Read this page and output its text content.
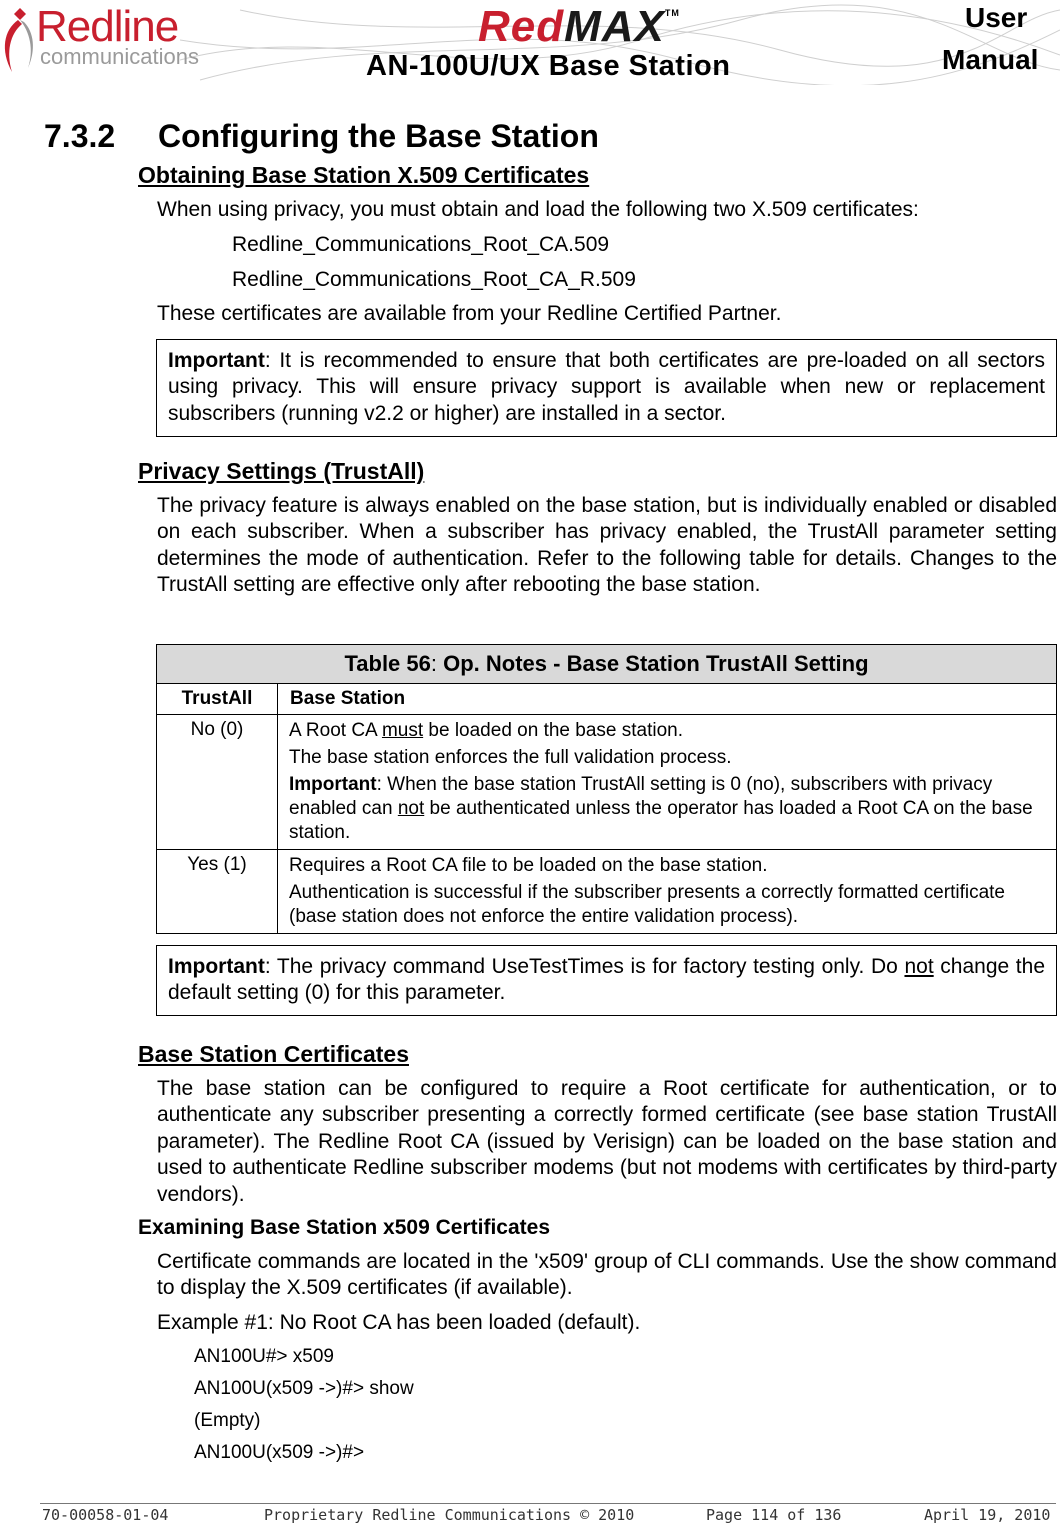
Redline
communications
RedMAX™
AN-100U/UX Base Station
User
Manual
7.3.2 Configuring the Base Station
Obtaining Base Station X.509 Certificates
When using privacy, you must obtain and load the following two X.509 certificates:
Redline_Communications_Root_CA.509
Redline_Communications_Root_CA_R.509
These certificates are available from your Redline Certified Partner.
Important: It is recommended to ensure that both certificates are pre-loaded on all sectors using privacy. This will ensure privacy support is available when new or replacement subscribers (running v2.2 or higher) are installed in a sector.
Privacy Settings (TrustAll)
The privacy feature is always enabled on the base station, but is individually enabled or disabled on each subscriber. When a subscriber has privacy enabled, the TrustAll parameter setting determines the mode of authentication. Refer to the following table for details. Changes to the TrustAll setting are effective only after rebooting the base station.
Table 56: Op. Notes - Base Station TrustAll Setting	
TrustAll	Base Station
No (0)	A Root CA must be loaded on the base station.
The base station enforces the full validation process.
Important: When the base station TrustAll setting is 0 (no), subscribers with privacy enabled can not be authenticated unless the operator has loaded a Root CA on the base station.

Yes (1)	Requires a Root CA file to be loaded on the base station.
Authentication is successful if the subscriber presents a correctly formatted certificate (base station does not enforce the entire validation process).
Important: The privacy command UseTestTimes is for factory testing only. Do not change the default setting (0) for this parameter.
Base Station Certificates
The base station can be configured to require a Root certificate for authentication, or to authenticate any subscriber presenting a correctly formed certificate (see base station TrustAll parameter). The Redline Root CA (issued by Verisign) can be loaded on the base station and used to authenticate Redline subscriber modems (but not modems with certificates by third-party vendors).
Examining Base Station x509 Certificates
Certificate commands are located in the 'x509' group of CLI commands. Use the show command to display the X.509 certificates (if available).
Example #1: No Root CA has been loaded (default).
AN100U#> x509
AN100U(x509 ->)#> show
(Empty)
AN100U(x509 ->)#>
70-00058-01-04	Proprietary Redline Communications © 2010	Page 114 of 136	April 19, 2010
